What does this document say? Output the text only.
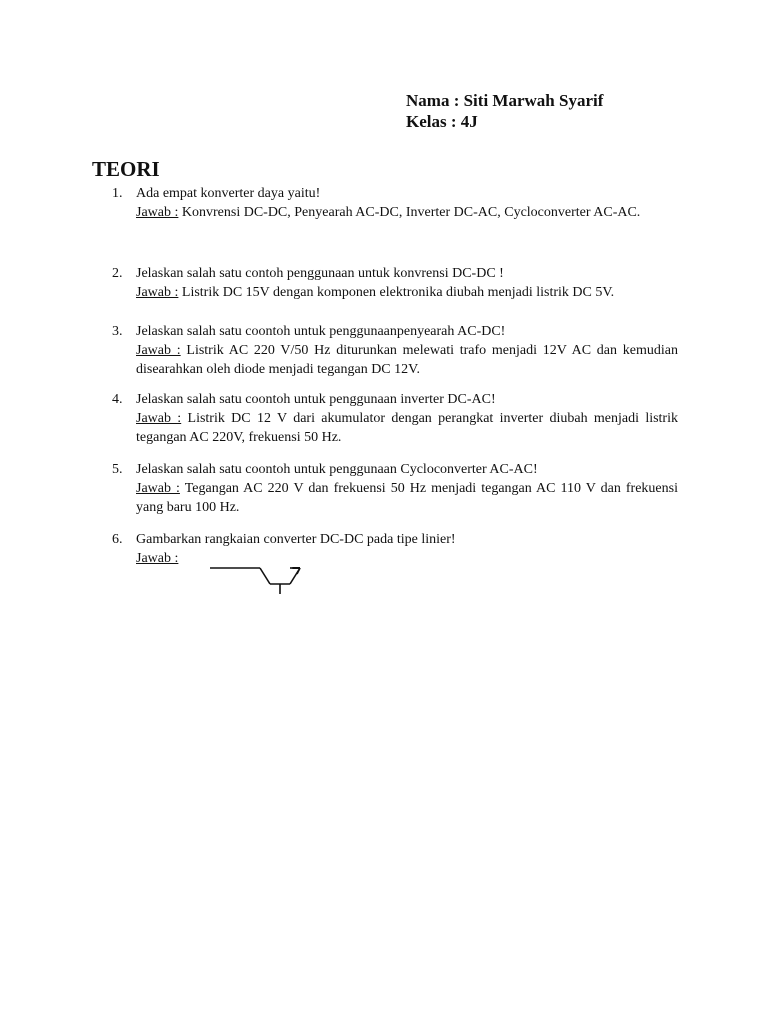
Nama : Siti Marwah Syarif
Kelas : 4J
TEORI
1. Ada empat konverter daya yaitu!
Jawab : Konvrensi DC-DC, Penyearah AC-DC, Inverter DC-AC, Cycloconverter AC-AC.
2. Jelaskan salah satu contoh penggunaan untuk konvrensi DC-DC !
Jawab : Listrik DC 15V dengan komponen elektronika diubah menjadi listrik DC 5V.
3. Jelaskan salah satu coontoh untuk penggunaanpenyearah AC-DC!
Jawab : Listrik AC 220 V/50 Hz diturunkan melewati trafo menjadi 12V AC dan kemudian disearahkan oleh diode menjadi tegangan DC 12V.
4. Jelaskan salah satu coontoh untuk penggunaan inverter DC-AC!
Jawab : Listrik DC 12 V dari akumulator dengan perangkat inverter diubah menjadi listrik tegangan AC 220V, frekuensi 50 Hz.
5. Jelaskan salah satu coontoh untuk penggunaan Cycloconverter AC-AC!
Jawab : Tegangan AC 220 V dan frekuensi 50 Hz menjadi tegangan AC 110 V dan frekuensi yang baru 100 Hz.
6. Gambarkan rangkaian converter DC-DC pada tipe linier!
Jawab :
